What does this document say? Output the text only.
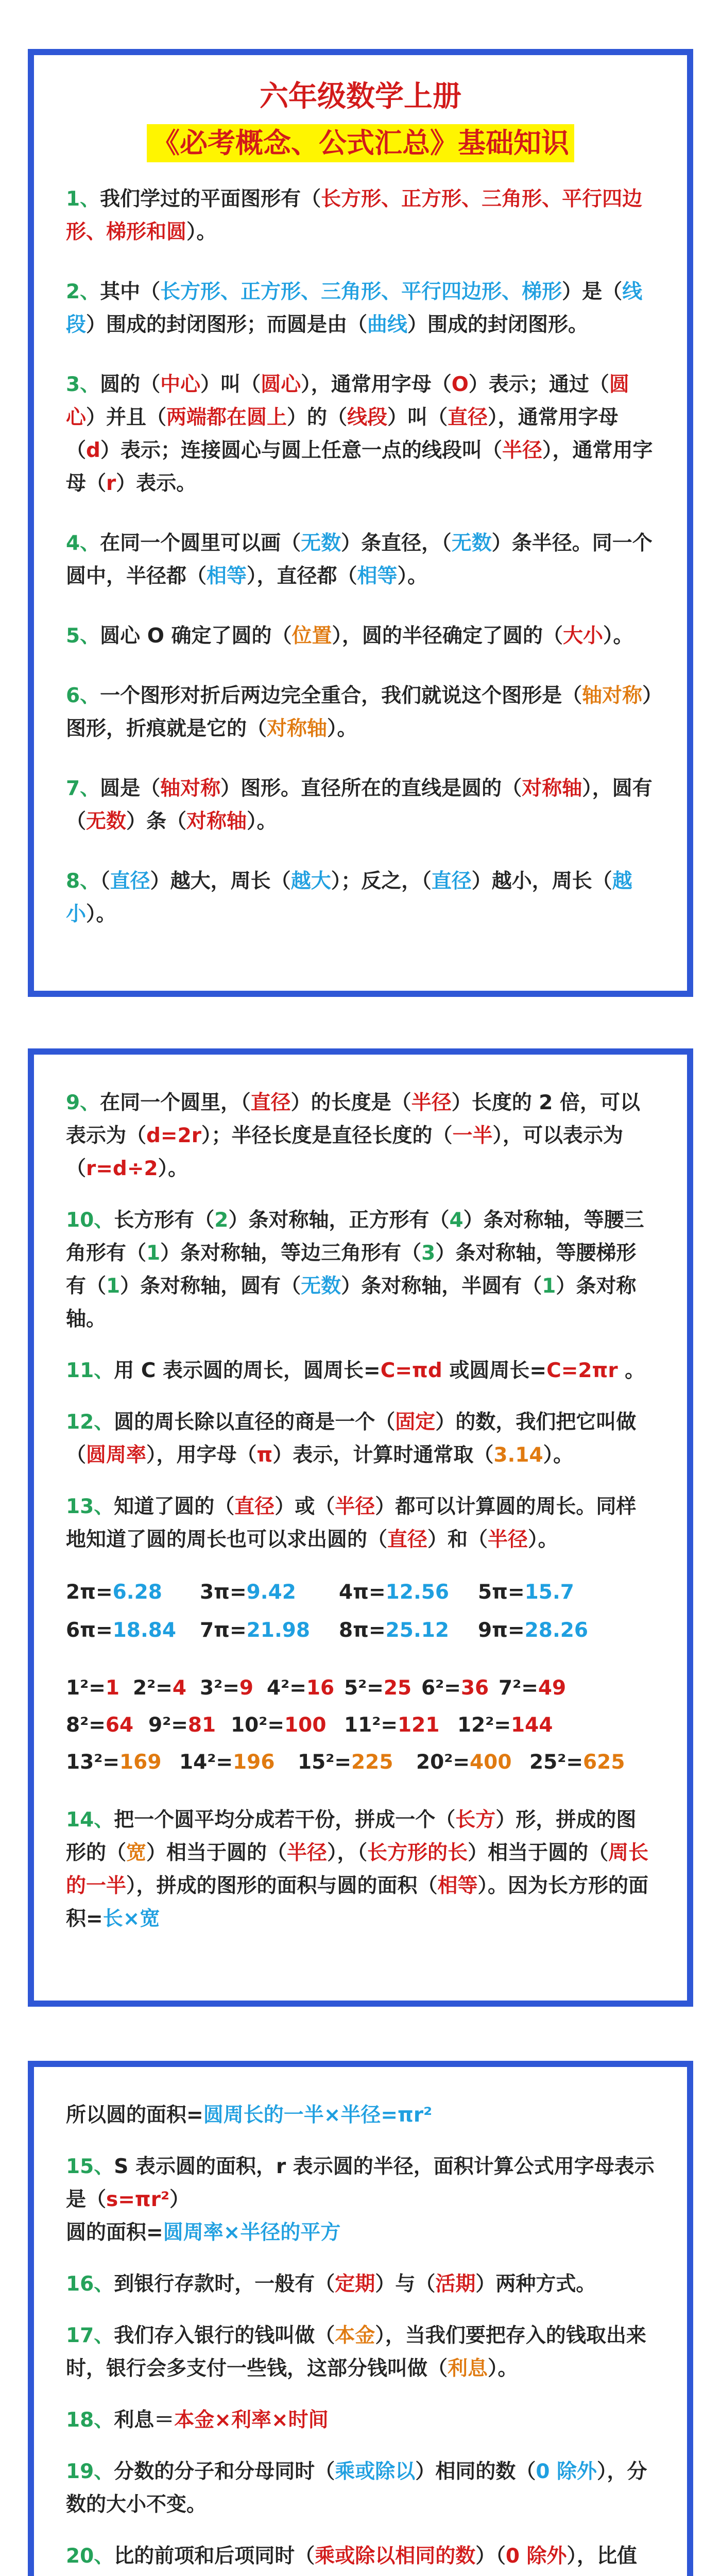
六年级数学上册
《必考概念、公式汇总》基础知识

1、我们学过的平面图形有（长方形、正方形、三角形、平行四边形、梯形和圆）。

2、其中（长方形、正方形、三角形、平行四边形、梯形）是（线段）围成的封闭图形；而圆是由（曲线）围成的封闭图形。

3、圆的（中心）叫（圆心），通常用字母（O）表示；通过（圆心）并且（两端都在圆上）的（线段）叫（直径），通常用字母（d）表示；连接圆心与圆上任意一点的线段叫（半径），通常用字母（r）表示。

4、在同一个圆里可以画（无数）条直径，（无数）条半径。同一个圆中，半径都（相等），直径都（相等）。

5、圆心 O 确定了圆的（位置），圆的半径确定了圆的（大小）。

6、一个图形对折后两边完全重合，我们就说这个图形是（轴对称）图形，折痕就是它的（对称轴）。

7、圆是（轴对称）图形。直径所在的直线是圆的（对称轴），圆有（无数）条（对称轴）。

8、（直径）越大，周长（越大）；反之，（直径）越小，周长（越小）。

9、在同一个圆里，（直径）的长度是（半径）长度的 2 倍，可以表示为（d=2r）；半径长度是直径长度的（一半），可以表示为（r=d÷2）。

10、长方形有（2）条对称轴，正方形有（4）条对称轴，等腰三角形有（1）条对称轴，等边三角形有（3）条对称轴，等腰梯形有（1）条对称轴，圆有（无数）条对称轴，半圆有（1）条对称轴。

11、用 C 表示圆的周长，圆周长=C=πd 或圆周长=C=2πr 。

12、圆的周长除以直径的商是一个（固定）的数，我们把它叫做（圆周率），用字母（π）表示，计算时通常取（3.14）。

13、知道了圆的（直径）或（半径）都可以计算圆的周长。同样地知道了圆的周长也可以求出圆的（直径）和（半径）。

2π=6.28 3π=9.42 4π=12.56 5π=15.7
6π=18.84 7π=21.98 8π=25.12 9π=28.26
1²=1 2²=4 3²=9 4²=16 5²=25 6²=36 7²=49
8²=64 9²=81 10²=100 11²=121 12²=144
13²=169 14²=196 15²=225 20²=400 25²=625

14、把一个圆平均分成若干份，拼成一个（长方）形，拼成的图形的（宽）相当于圆的（半径），（长方形的长）相当于圆的（周长的一半），拼成的图形的面积与圆的面积（相等）。因为长方形的面积=长×宽

所以圆的面积=圆周长的一半×半径=πr²

15、S 表示圆的面积，r 表示圆的半径，面积计算公式用字母表示是（s=πr²）
圆的面积=圆周率×半径的平方

16、到银行存款时，一般有（定期）与（活期）两种方式。

17、我们存入银行的钱叫做（本金），当我们要把存入的钱取出来时，银行会多支付一些钱，这部分钱叫做（利息）。

18、利息＝本金×利率×时间

19、分数的分子和分母同时（乘或除以）相同的数（0 除外），分数的大小不变。

20、比的前项和后项同时（乘或除以相同的数）（0 除外），比值
